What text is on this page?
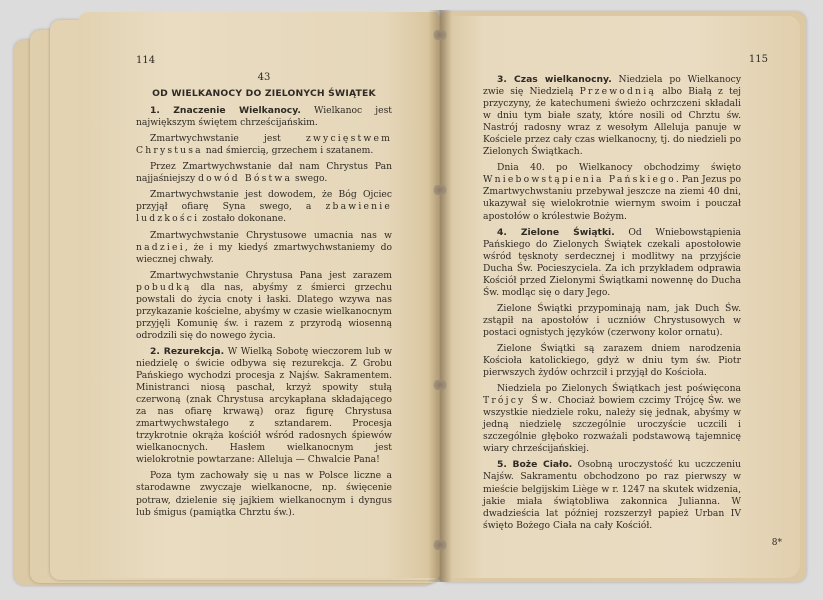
114
43
OD WIELKANOCY DO ZIELONYCH ŚWIĄTEK

1. Znaczenie Wielkanocy. Wielkanoc jest największym świętem chrześcijańskim.

Zmartwychwstanie jest zwycięstwem Chrystusa nad śmiercią, grzechem i szatanem.

Przez Zmartwychwstanie dał nam Chrystus Pan najjaśniejszy dowód Bóstwa swego.

Zmartwychwstanie jest dowodem, że Bóg Ojciec przyjął ofiarę Syna swego, a zbawienie ludzkości zostało dokonane.

Zmartwychwstanie Chrystusowe umacnia nas w nadziei, że i my kiedyś zmartwychwstaniemy do wiecznej chwały.

Zmartwychwstanie Chrystusa Pana jest zarazem pobudką dla nas, abyśmy z śmierci grzechu powstali do życia cnoty i łaski. Dlatego wzywa nas przykazanie kościelne, abyśmy w czasie wielkanocnym przyjęli Komunię św. i razem z przyrodą wiosenną odrodzili się do nowego życia.

2. Rezurekcja. W Wielką Sobotę wieczorem lub w niedzielę o świcie odbywa się rezurekcja. Z Grobu Pańskiego wychodzi procesja z Najśw. Sakramentem. Ministranci niosą paschał, krzyż spowity stułą czerwoną (znak Chrystusa arcykapłana składającego za nas ofiarę krwawą) oraz figurę Chrystusa zmartwychwstałego z sztandarem. Procesja trzykrotnie okrąża kościół wśród radosnych śpiewów wielkanocnych. Hasłem wielkanocnym jest wielokrotnie powtarzane: Alleluja — Chwalcie Pana!

Poza tym zachowały się u nas w Polsce liczne a starodawne zwyczaje wielkanocne, np. święcenie potraw, dzielenie się jajkiem wielkanocnym i dyngus lub śmigus (pamiątka Chrztu św.).

115

3. Czas wielkanocny. Niedziela po Wielkanocy zwie się Niedzielą Przewodnią albo Białą z tej przyczyny, że katechumeni świeżo ochrzczeni składali w dniu tym białe szaty, które nosili od Chrztu św. Nastrój radosny wraz z wesołym Alleluja panuje w Kościele przez cały czas wielkanocny, tj. do niedzieli po Zielonych Świątkach.

Dnia 40. po Wielkanocy obchodzimy święto Wniebowstąpienia Pańskiego. Pan Jezus po Zmartwychwstaniu przebywał jeszcze na ziemi 40 dni, ukazywał się wielokrotnie wiernym swoim i pouczał apostołów o królestwie Bożym.

4. Zielone Świątki. Od Wniebowstąpienia Pańskiego do Zielonych Świątek czekali apostołowie wśród tęsknoty serdecznej i modlitwy na przyjście Ducha Św. Pocieszyciela. Za ich przykładem odprawia Kościół przed Zielonymi Świątkami nowennę do Ducha Św. modląc się o dary Jego.

Zielone Świątki przypominają nam, jak Duch Św. zstąpił na apostołów i uczniów Chrystusowych w postaci ognistych języków (czerwony kolor ornatu).

Zielone Świątki są zarazem dniem narodzenia Kościoła katolickiego, gdyż w dniu tym św. Piotr pierwszych żydów ochrzcił i przyjął do Kościoła.

Niedziela po Zielonych Świątkach jest poświęcona Trójcy Św. Chociaż bowiem czcimy Trójcę Św. we wszystkie niedziele roku, należy się jednak, abyśmy w jedną niedzielę szczególnie uroczyście uczcili i szczególnie głęboko rozważali podstawową tajemnicę wiary chrześcijańskiej.

5. Boże Ciało. Osobną uroczystość ku uczczeniu Najśw. Sakramentu obchodzono po raz pierwszy w mieście belgijskim Liège w r. 1247 na skutek widzenia, jakie miała świątobliwa zakonnica Julianna. W dwadzieścia lat później rozszerzył papież Urban IV święto Bożego Ciała na cały Kościół.

8*
